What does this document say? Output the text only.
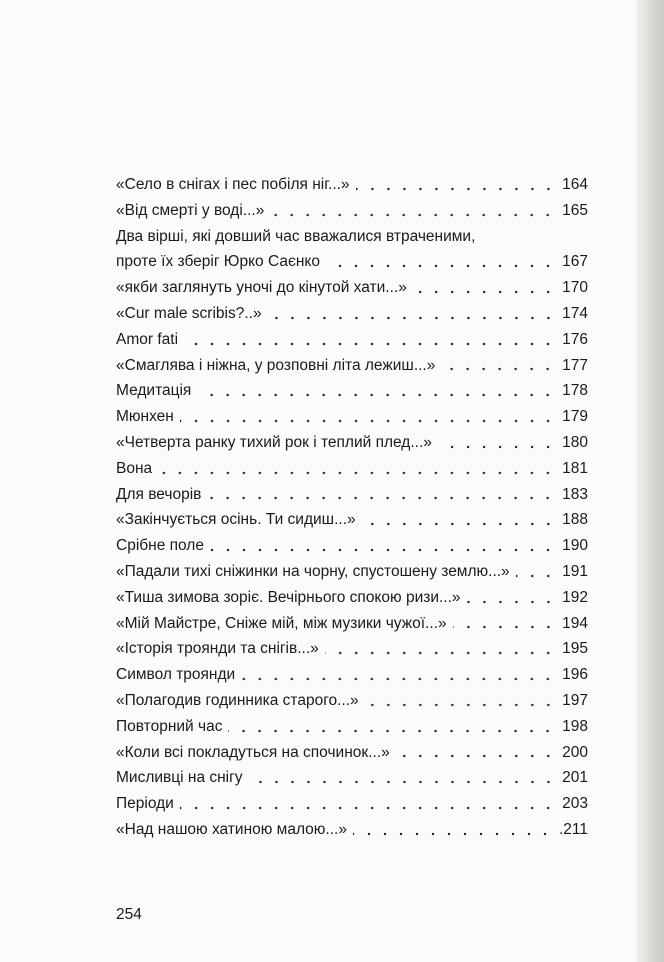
«Село в снігах і пес побіля ніг...»	164
«Від смерті у воді...»	165
Два вірші, які довший час вважалися втраченими,
проте їх зберіг Юрко Саєнко	167
«якби заглянуть уночі до кінутой хати...»	170
«Cur male scribis?..»	174
Amor fati	176
«Смаглява і ніжна, у розповні літа лежиш...»	177
Медитація	178
Мюнхен	179
«Четверта ранку тихий рок і теплий плед...»	180
Вона	181
Для вечорів	183
«Закінчується осінь. Ти сидиш...»	188
Срібне поле	190
«Падали тихі сніжинки на чорну, спустошену землю...»	191
«Тиша зимова зоріє. Вечірнього спокою ризи...»	192
«Мій Майстре, Сніже мій, між музики чужої...»	194
«Історія троянди та снігів...»	195
Символ троянди	196
«Полагодив годинника старого...»	197
Повторний час	198
«Коли всі покладуться на спочинок...»	200
Мисливці на снігу	201
Періоди	203
«Над нашою хатиною малою...»	.211
254
